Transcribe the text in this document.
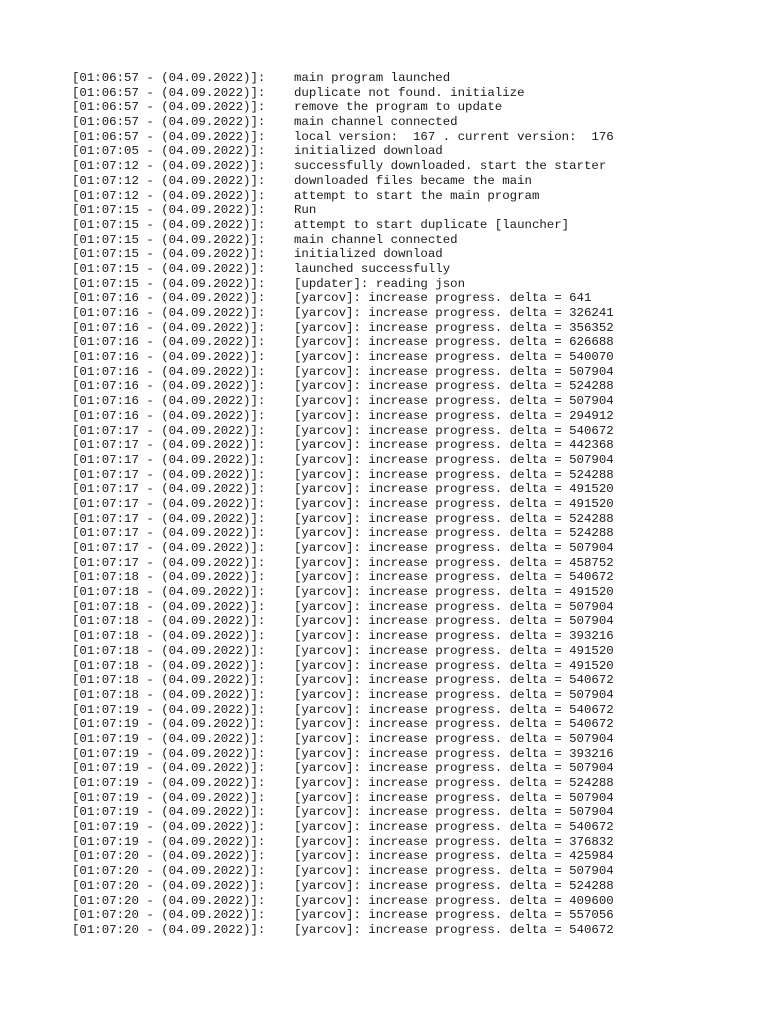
[01:06:57 - (04.09.2022)]:	main program launched
[01:06:57 - (04.09.2022)]:	duplicate not found. initialize
[01:06:57 - (04.09.2022)]:	remove the program to update
[01:06:57 - (04.09.2022)]:	main channel connected
[01:06:57 - (04.09.2022)]:	local version:  167 . current version:  176
[01:07:05 - (04.09.2022)]:	initialized download
[01:07:12 - (04.09.2022)]:	successfully downloaded. start the starter
[01:07:12 - (04.09.2022)]:	downloaded files became the main
[01:07:12 - (04.09.2022)]:	attempt to start the main program
[01:07:15 - (04.09.2022)]:	Run
[01:07:15 - (04.09.2022)]:	attempt to start duplicate [launcher]
[01:07:15 - (04.09.2022)]:	main channel connected
[01:07:15 - (04.09.2022)]:	initialized download
[01:07:15 - (04.09.2022)]:	launched successfully
[01:07:15 - (04.09.2022)]:	[updater]: reading json
[01:07:16 - (04.09.2022)]:	[yarcov]: increase progress. delta = 641
[01:07:16 - (04.09.2022)]:	[yarcov]: increase progress. delta = 326241
[01:07:16 - (04.09.2022)]:	[yarcov]: increase progress. delta = 356352
[01:07:16 - (04.09.2022)]:	[yarcov]: increase progress. delta = 626688
[01:07:16 - (04.09.2022)]:	[yarcov]: increase progress. delta = 540070
[01:07:16 - (04.09.2022)]:	[yarcov]: increase progress. delta = 507904
[01:07:16 - (04.09.2022)]:	[yarcov]: increase progress. delta = 524288
[01:07:16 - (04.09.2022)]:	[yarcov]: increase progress. delta = 507904
[01:07:16 - (04.09.2022)]:	[yarcov]: increase progress. delta = 294912
[01:07:17 - (04.09.2022)]:	[yarcov]: increase progress. delta = 540672
[01:07:17 - (04.09.2022)]:	[yarcov]: increase progress. delta = 442368
[01:07:17 - (04.09.2022)]:	[yarcov]: increase progress. delta = 507904
[01:07:17 - (04.09.2022)]:	[yarcov]: increase progress. delta = 524288
[01:07:17 - (04.09.2022)]:	[yarcov]: increase progress. delta = 491520
[01:07:17 - (04.09.2022)]:	[yarcov]: increase progress. delta = 491520
[01:07:17 - (04.09.2022)]:	[yarcov]: increase progress. delta = 524288
[01:07:17 - (04.09.2022)]:	[yarcov]: increase progress. delta = 524288
[01:07:17 - (04.09.2022)]:	[yarcov]: increase progress. delta = 507904
[01:07:17 - (04.09.2022)]:	[yarcov]: increase progress. delta = 458752
[01:07:18 - (04.09.2022)]:	[yarcov]: increase progress. delta = 540672
[01:07:18 - (04.09.2022)]:	[yarcov]: increase progress. delta = 491520
[01:07:18 - (04.09.2022)]:	[yarcov]: increase progress. delta = 507904
[01:07:18 - (04.09.2022)]:	[yarcov]: increase progress. delta = 507904
[01:07:18 - (04.09.2022)]:	[yarcov]: increase progress. delta = 393216
[01:07:18 - (04.09.2022)]:	[yarcov]: increase progress. delta = 491520
[01:07:18 - (04.09.2022)]:	[yarcov]: increase progress. delta = 491520
[01:07:18 - (04.09.2022)]:	[yarcov]: increase progress. delta = 540672
[01:07:18 - (04.09.2022)]:	[yarcov]: increase progress. delta = 507904
[01:07:19 - (04.09.2022)]:	[yarcov]: increase progress. delta = 540672
[01:07:19 - (04.09.2022)]:	[yarcov]: increase progress. delta = 540672
[01:07:19 - (04.09.2022)]:	[yarcov]: increase progress. delta = 507904
[01:07:19 - (04.09.2022)]:	[yarcov]: increase progress. delta = 393216
[01:07:19 - (04.09.2022)]:	[yarcov]: increase progress. delta = 507904
[01:07:19 - (04.09.2022)]:	[yarcov]: increase progress. delta = 524288
[01:07:19 - (04.09.2022)]:	[yarcov]: increase progress. delta = 507904
[01:07:19 - (04.09.2022)]:	[yarcov]: increase progress. delta = 507904
[01:07:19 - (04.09.2022)]:	[yarcov]: increase progress. delta = 540672
[01:07:19 - (04.09.2022)]:	[yarcov]: increase progress. delta = 376832
[01:07:20 - (04.09.2022)]:	[yarcov]: increase progress. delta = 425984
[01:07:20 - (04.09.2022)]:	[yarcov]: increase progress. delta = 507904
[01:07:20 - (04.09.2022)]:	[yarcov]: increase progress. delta = 524288
[01:07:20 - (04.09.2022)]:	[yarcov]: increase progress. delta = 409600
[01:07:20 - (04.09.2022)]:	[yarcov]: increase progress. delta = 557056
[01:07:20 - (04.09.2022)]:	[yarcov]: increase progress. delta = 540672
